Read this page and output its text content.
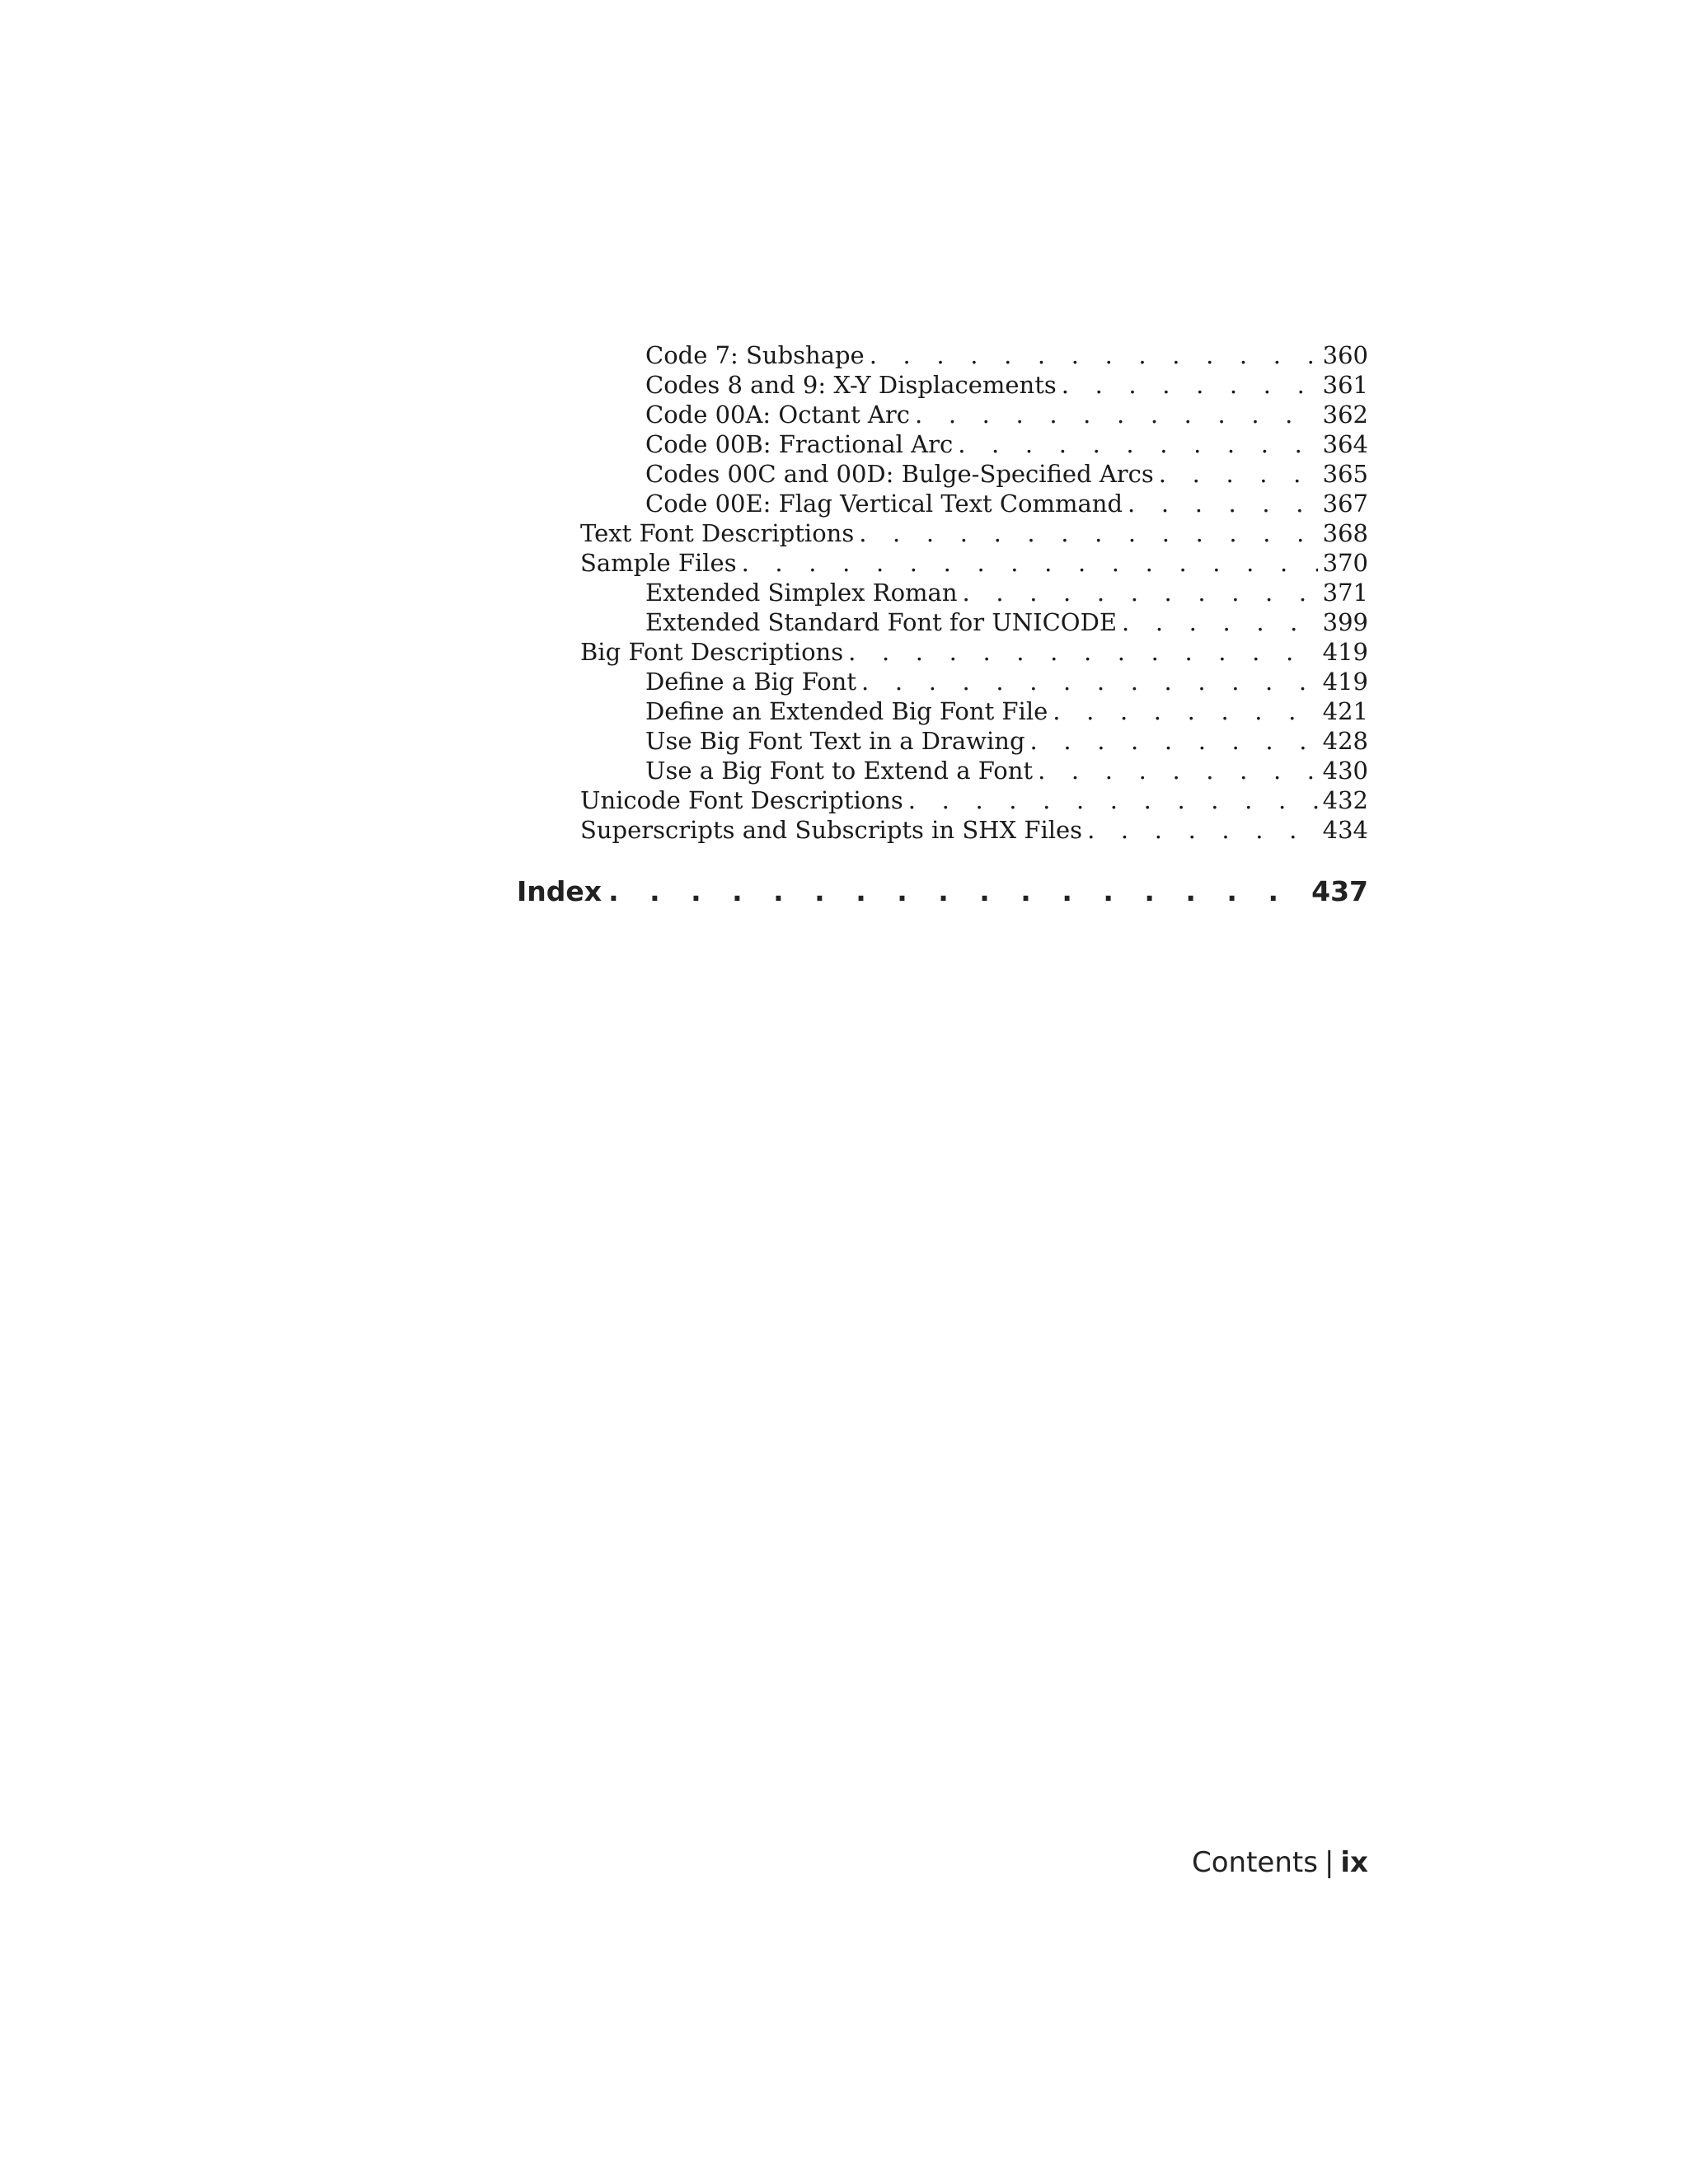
Code 7: Subshape . . .	360
Codes 8 and 9: X-Y Displacements . . .	361
Code 00A: Octant Arc . . .	362
Code 00B: Fractional Arc . . .	364
Codes 00C and 00D: Bulge-Specified Arcs . . .	365
Code 00E: Flag Vertical Text Command . . .	367
Text Font Descriptions . . .	368
Sample Files . . .	370
Extended Simplex Roman . . .	371
Extended Standard Font for UNICODE . . .	399
Big Font Descriptions . . .	419
Define a Big Font . . .	419
Define an Extended Big Font File . . .	421
Use Big Font Text in a Drawing . . .	428
Use a Big Font to Extend a Font . . .	430
Unicode Font Descriptions . . .	432
Superscripts and Subscripts in SHX Files . . .	434
Index . . .	437
Contents | ix
